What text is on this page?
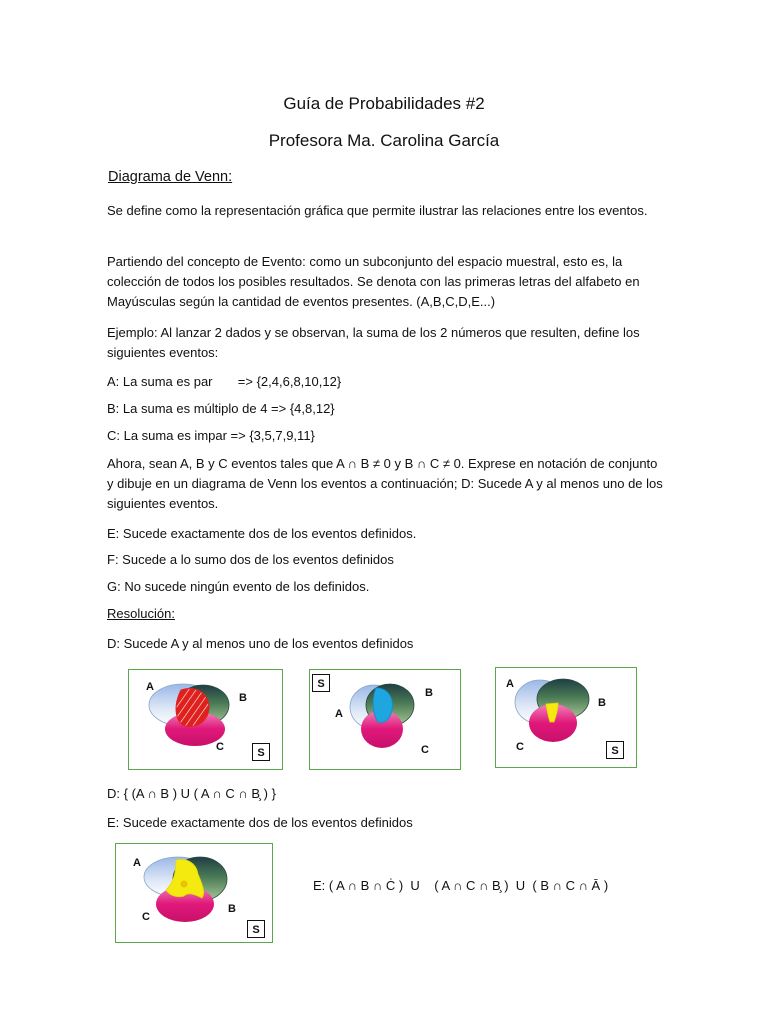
Guía de Probabilidades #2
Profesora Ma. Carolina García
Diagrama de Venn:
Se define como la representación gráfica que permite ilustrar las relaciones entre los eventos.
Partiendo del concepto de Evento: como un subconjunto del espacio muestral, esto es, la colección de todos los posibles resultados. Se denota con las primeras letras del alfabeto en Mayúsculas según la cantidad de eventos presentes. (A,B,C,D,E...)
Ejemplo: Al lanzar 2 dados y se observan, la suma de los 2 números que resulten, define los siguientes eventos:
A: La suma es par       => {2,4,6,8,10,12}
B: La suma es múltiplo de 4 => {4,8,12}
C: La suma es impar => {3,5,7,9,11}
Ahora, sean A, B y C eventos tales que A ∩ B ≠ 0 y B ∩ C ≠ 0. Exprese en notación de conjunto y dibuje en un diagrama de Venn los eventos a continuación; D: Sucede A y al menos uno de los siguientes eventos.
E: Sucede exactamente dos de los eventos definidos.
F: Sucede a lo sumo dos de los eventos definidos
G: No sucede ningún evento de los definidos.
Resolución:
D: Sucede A y al menos uno de los eventos definidos
A
B
C	S
S
A
B
C
A
B
C	S
D: { (A ∩ B ) U ( A ∩ C ∩ B̧ ) }
E: Sucede exactamente dos de los eventos definidos
A
B
C
S
E: ( A ∩ B ∩ Ċ )  U    ( A ∩ C ∩ B̧ )  U  ( B ∩ C ∩ Ā )
